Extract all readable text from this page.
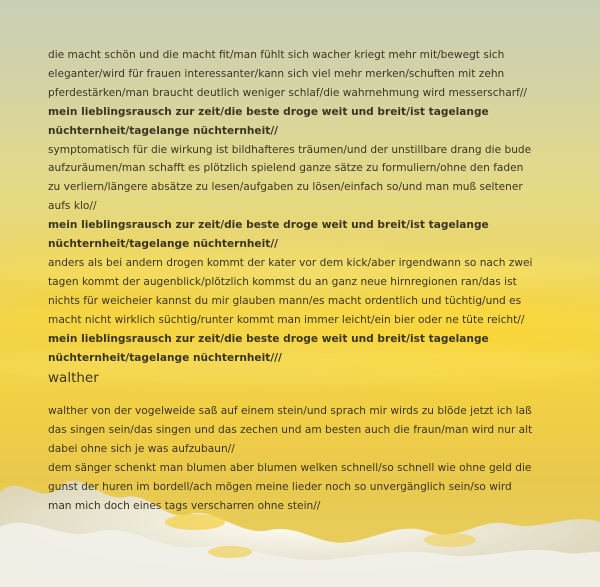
die macht schön und die macht fit/man fühlt sich wacher kriegt mehr mit/bewegt sich

eleganter/wird für frauen interessanter/kann sich viel mehr merken/schuften mit zehn

pferdestärken/man braucht deutlich weniger schlaf/die wahrnehmung wird messerscharf//

mein lieblingsrausch zur zeit/die beste droge weit und breit/ist tagelange

nüchternheit/tagelange nüchternheit//

symptomatisch für die wirkung ist bildhafteres träumen/und der unstillbare drang die bude

aufzuräumen/man schafft es plötzlich spielend ganze sätze zu formuliern/ohne den faden

zu verliern/längere absätze zu lesen/aufgaben zu lösen/einfach so/und man muß seltener

aufs klo//

mein lieblingsrausch zur zeit/die beste droge weit und breit/ist tagelange

nüchternheit/tagelange nüchternheit//

anders als bei andern drogen kommt der kater vor dem kick/aber irgendwann so nach zwei

tagen kommt der augenblick/plötzlich kommst du an ganz neue hirnregionen ran/das ist

nichts für weicheier kannst du mir glauben mann/es macht ordentlich und tüchtig/und es

macht nicht wirklich süchtig/runter kommt man immer leicht/ein bier oder ne tüte reicht//

mein lieblingsrausch zur zeit/die beste droge weit und breit/ist tagelange

nüchternheit/tagelange nüchternheit///

walther

walther von der vogelweide saß auf einem stein/und sprach mir wirds zu blöde jetzt ich laß

das singen sein/das singen und das zechen und am besten auch die fraun/man wird nur alt

dabei ohne sich je was aufzubaun//

dem sänger schenkt man blumen aber blumen welken schnell/so schnell wie ohne geld die

gunst der huren im bordell/ach mögen meine lieder noch so unvergänglich sein/so wird

man mich doch eines tags verscharren ohne stein//
